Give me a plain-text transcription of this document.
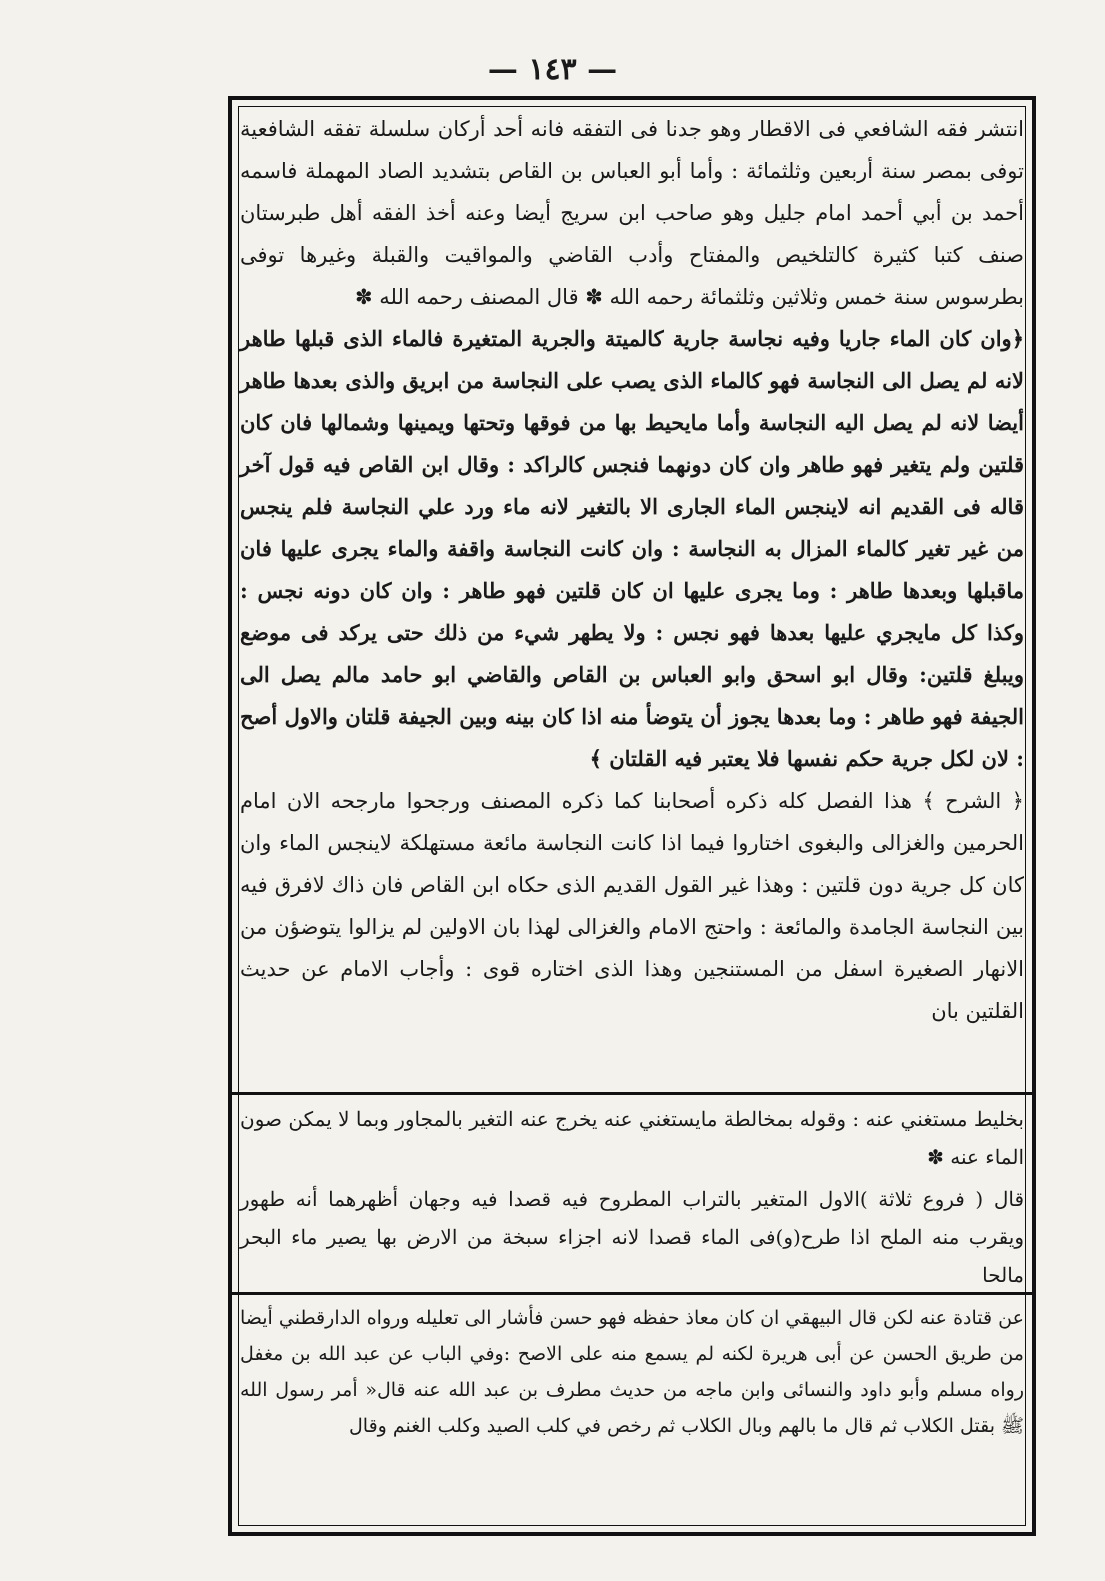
— ١٤٣ —

انتشر فقه الشافعي فى الاقطار وهو جدنا فى التفقه فانه أحد أركان سلسلة تفقه الشافعية توفى بمصر سنة أربعين وثلثمائة : وأما أبو العباس بن القاص بتشديد الصاد المهملة فاسمه أحمد بن أبي أحمد امام جليل وهو صاحب ابن سريج أيضا وعنه أخذ الفقه أهل طبرستان صنف كتبا كثيرة كالتلخيص والمفتاح وأدب القاضي والمواقيت والقبلة وغيرها توفى بطرسوس سنة خمس وثلاثين وثلثمائة رحمه الله ✽ قال المصنف رحمه الله ✽

﴿وان كان الماء جاريا وفيه نجاسة جارية كالميتة والجرية المتغيرة فالماء الذى قبلها طاهر لانه لم يصل الى النجاسة فهو كالماء الذى يصب على النجاسة من ابريق والذى بعدها طاهر أيضا لانه لم يصل اليه النجاسة وأما مايحيط بها من فوقها وتحتها ويمينها وشمالها فان كان قلتين ولم يتغير فهو طاهر وان كان دونهما فنجس كالراكد : وقال ابن القاص فيه قول آخر قاله فى القديم انه لاينجس الماء الجارى الا بالتغير لانه ماء ورد علي النجاسة فلم ينجس من غير تغير كالماء المزال به النجاسة : وان كانت النجاسة واقفة والماء يجرى عليها فان ماقبلها وبعدها طاهر : وما يجرى عليها ان كان قلتين فهو طاهر : وان كان دونه نجس : وكذا كل مايجري عليها بعدها فهو نجس : ولا يطهر شيء من ذلك حتى يركد فى موضع ويبلغ قلتين: وقال ابو اسحق وابو العباس بن القاص والقاضي ابو حامد مالم يصل الى الجيفة فهو طاهر : وما بعدها يجوز أن يتوضأ منه اذا كان بينه وبين الجيفة قلتان والاول أصح : لان لكل جرية حكم نفسها فلا يعتبر فيه القلتان ﴾

﴿ الشرح ﴾ هذا الفصل كله ذكره أصحابنا كما ذكره المصنف ورجحوا مارجحه الان امام الحرمين والغزالى والبغوى اختاروا فيما اذا كانت النجاسة مائعة مستهلكة لاينجس الماء وان كان كل جرية دون قلتين : وهذا غير القول القديم الذى حكاه ابن القاص فان ذاك لافرق فيه بين النجاسة الجامدة والمائعة : واحتج الامام والغزالى لهذا بان الاولين لم يزالوا يتوضؤن من الانهار الصغيرة اسفل من المستنجين وهذا الذى اختاره قوى : وأجاب الامام عن حديث القلتين بان

بخليط مستغني عنه : وقوله بمخالطة مايستغني عنه يخرج عنه التغير بالمجاور وبما لا يمكن صون الماء عنه ✽

قال ( فروع ثلاثة )الاول المتغير بالتراب المطروح فيه قصدا فيه وجهان أظهرهما أنه طهور ويقرب منه الملح اذا طرح(و)فى الماء قصدا لانه اجزاء سبخة من الارض بها يصير ماء البحر مالحا

عن قتادة عنه لكن قال البيهقي ان كان معاذ حفظه فهو حسن فأشار الى تعليله ورواه الدارقطني أيضا من طريق الحسن عن أبى هريرة لكنه لم يسمع منه على الاصح :وفي الباب عن عبد الله بن مغفل رواه مسلم وأبو داود والنسائى وابن ماجه من حديث مطرف بن عبد الله عنه قال« أمر رسول الله ﷺ بقتل الكلاب ثم قال ما بالهم وبال الكلاب ثم رخص في كلب الصيد وكلب الغنم وقال
